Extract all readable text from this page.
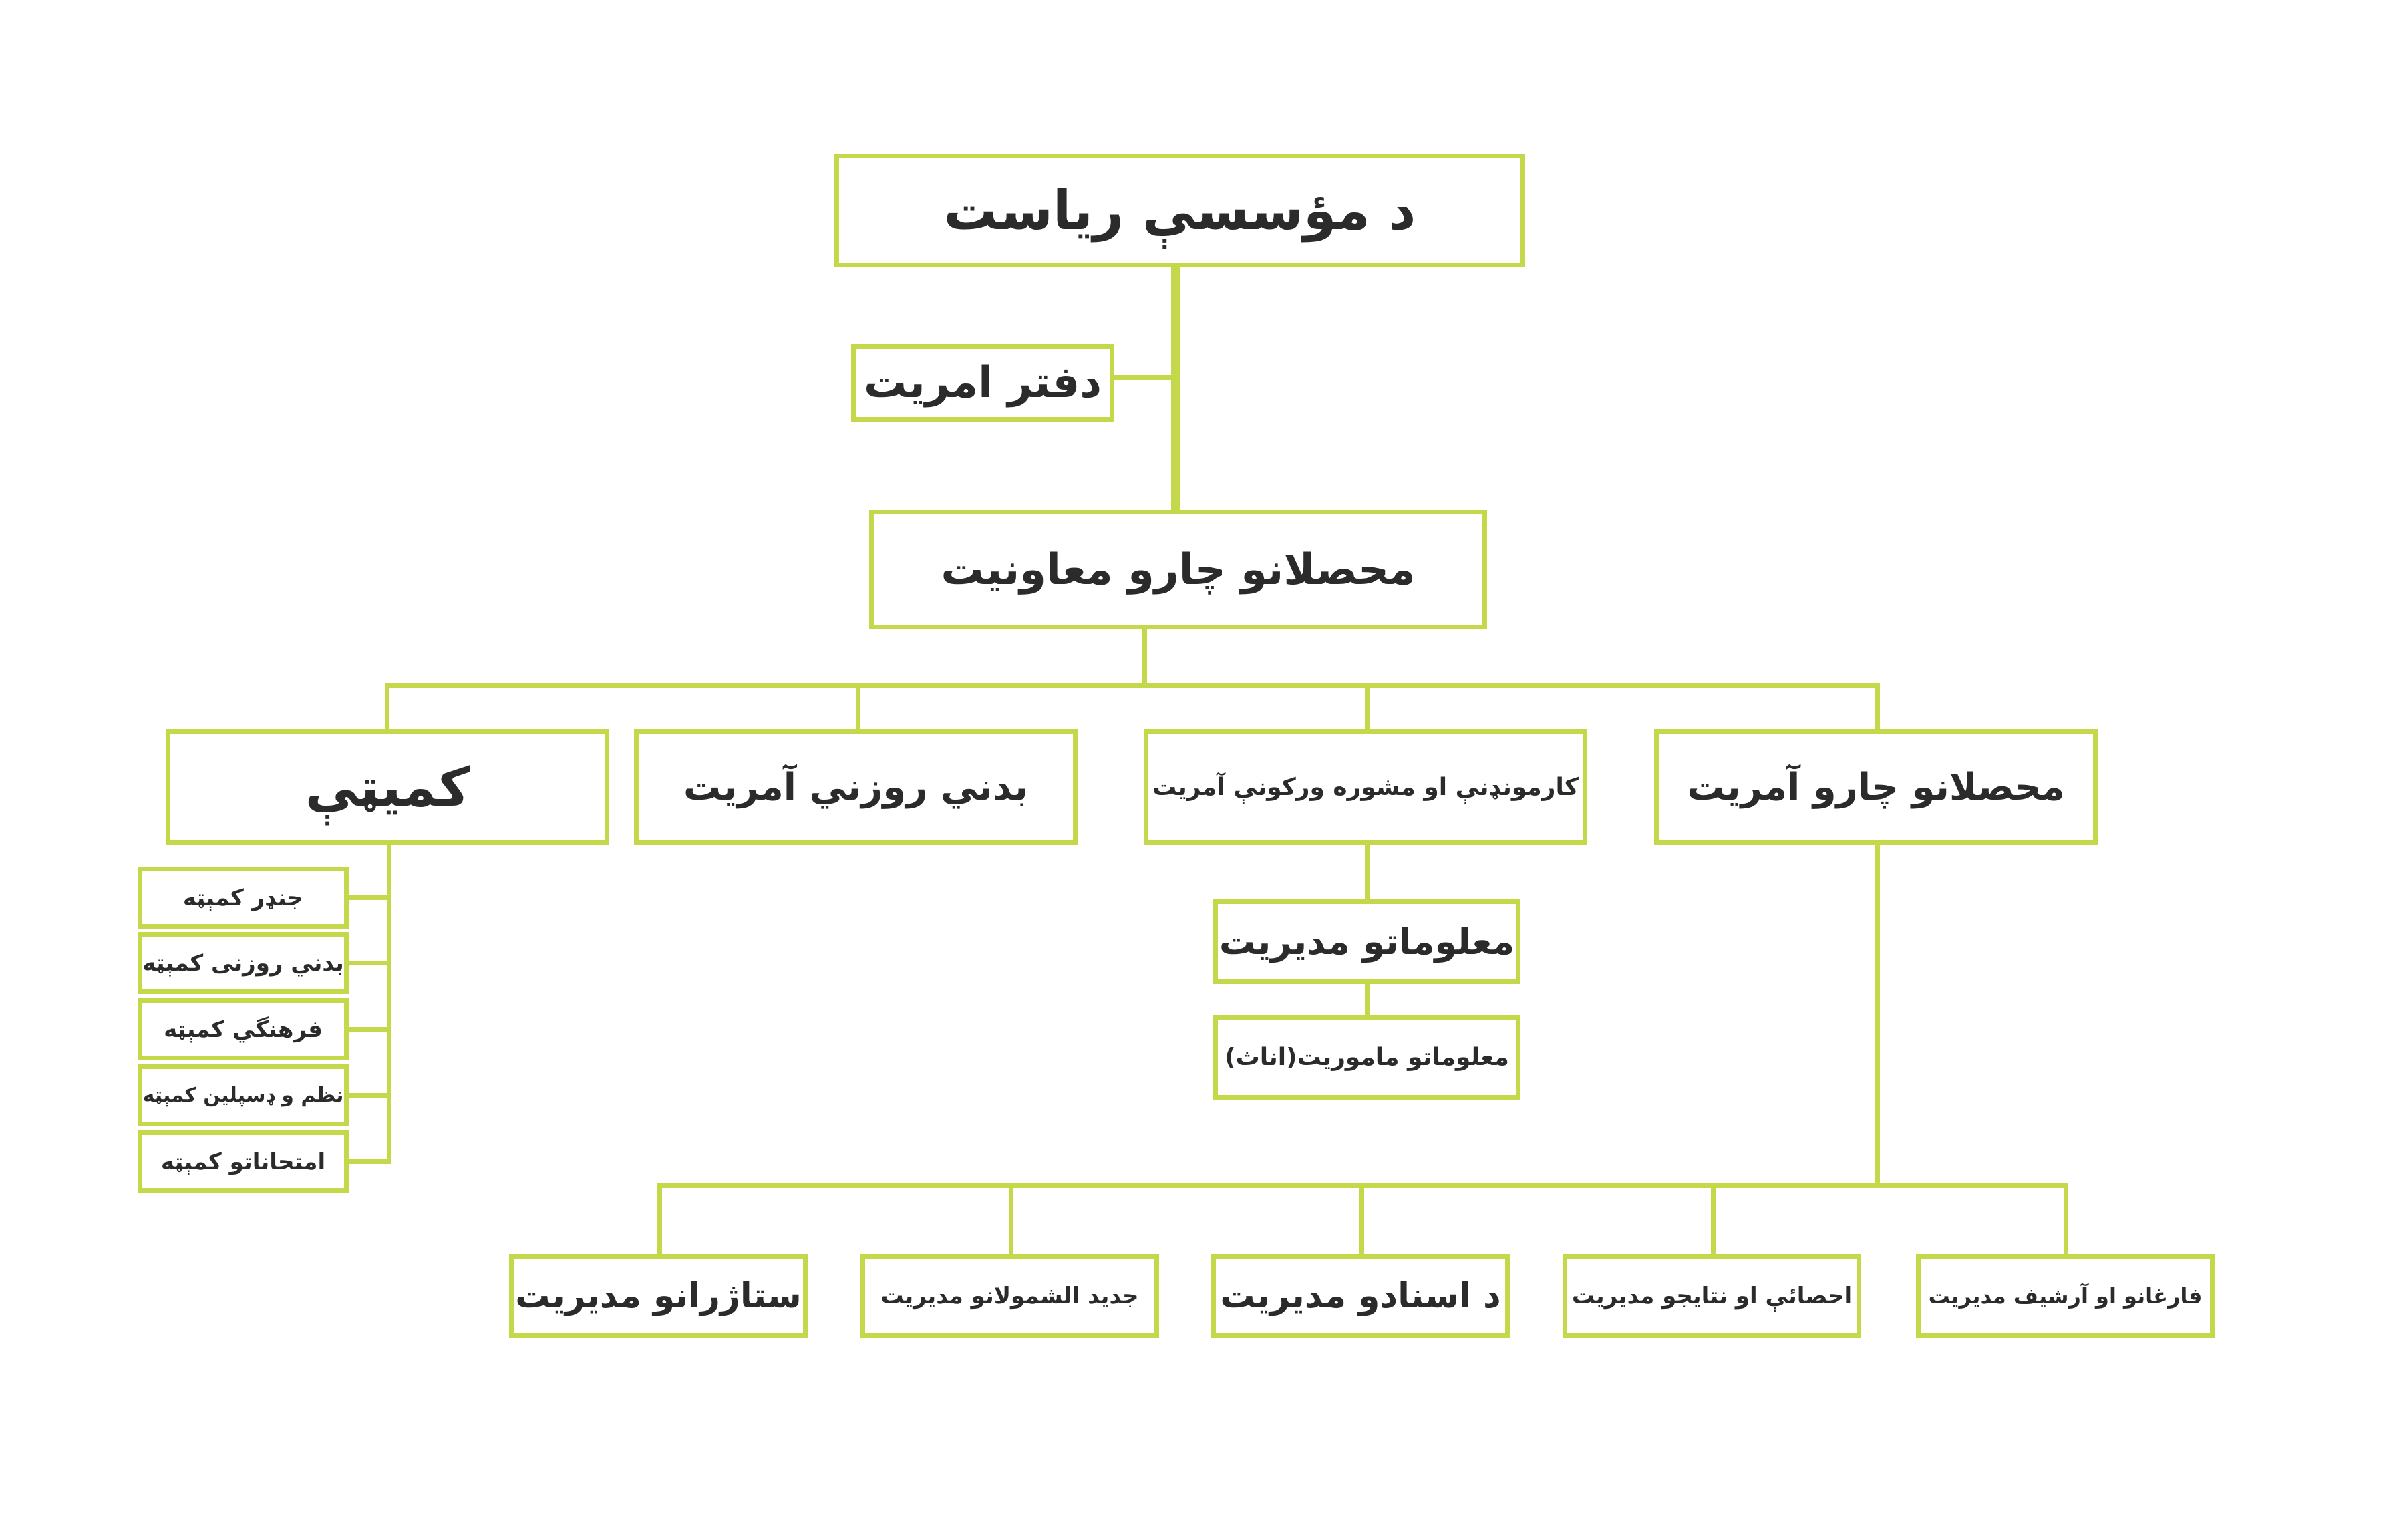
د مؤسسې رياست
دفتر امريت
محصلانو چارو معاونيت
کميټې	بدني روزني آمريت	کارمونډنې او مشوره ورکونې آمريت	محصلانو چارو آمريت
جنډر کمېټه
بدني روزنى کمېټه
فرهنگي کمېټه
نظم و ډسپلين کمېټه
امتحاناتو کمېټه
معلوماتو مديريت
معلوماتو ماموريت(اناث)
فارغانو او آرشيف مديريت
احصائې او نتايجو مديريت
د اسنادو مديريت
جديد الشمولانو مديريت
ستاژرانو مديريت
